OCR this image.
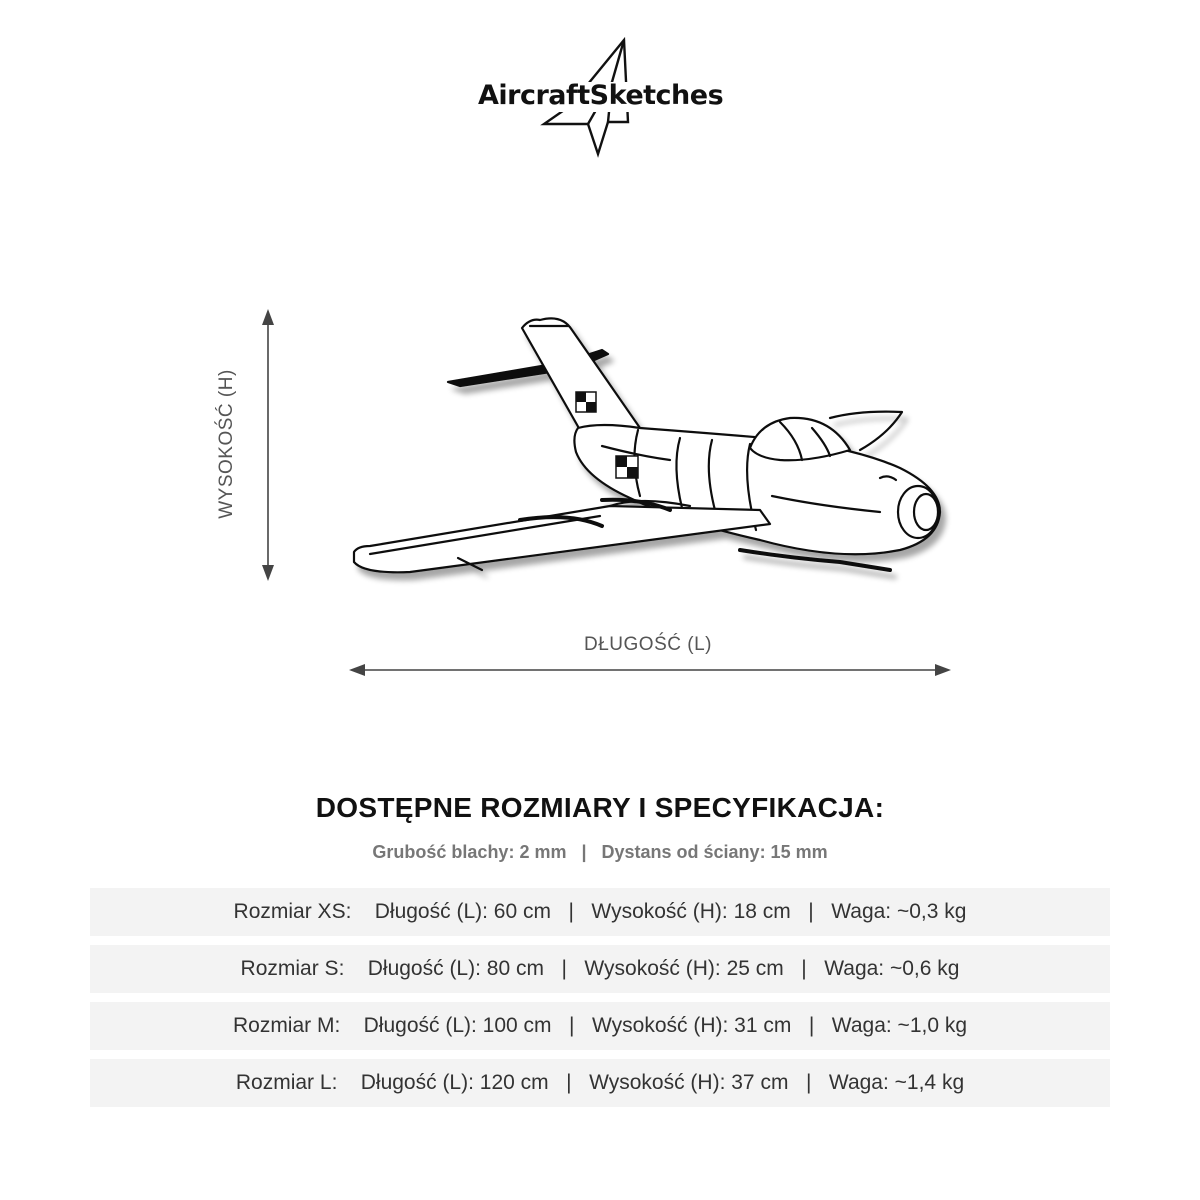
AircraftSketches
WYSOKOŚĆ (H)
DŁUGOŚĆ (L)
DOSTĘPNE ROZMIARY I SPECYFIKACJA:
Grubość blachy: 2 mm   |   Dystans od ściany: 15 mm
Rozmiar XS:    Długość (L): 60 cm   |   Wysokość (H): 18 cm   |   Waga: ~0,3 kg
Rozmiar S:    Długość (L): 80 cm   |   Wysokość (H): 25 cm   |   Waga: ~0,6 kg
Rozmiar M:    Długość (L): 100 cm   |   Wysokość (H): 31 cm   |   Waga: ~1,0 kg
Rozmiar L:    Długość (L): 120 cm   |   Wysokość (H): 37 cm   |   Waga: ~1,4 kg
